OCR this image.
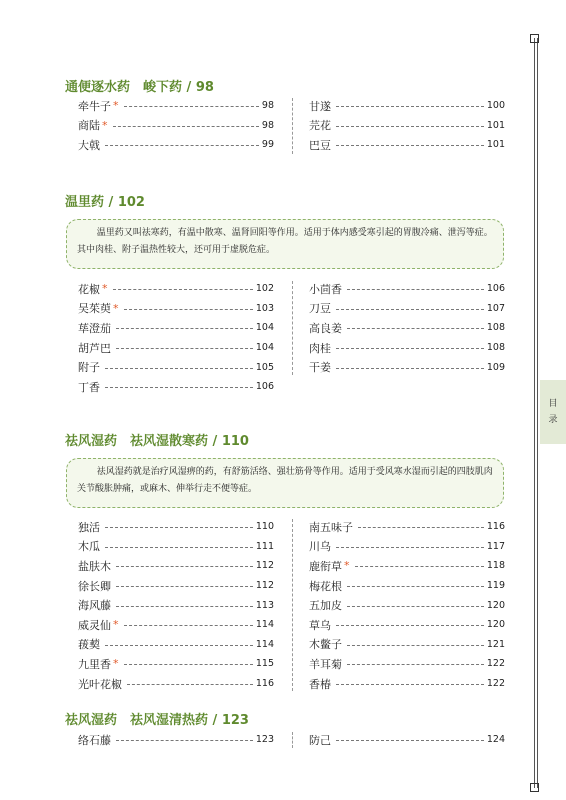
目
录
通便逐水药　峻下药 / 98
牵牛子 *	98
商陆 *	98
大戟	99
甘遂	100
芫花	101
巴豆	101
温里药 / 102
温里药又叫祛寒药，有温中散寒、温肾回阳等作用。适用于体内感受寒引起的胃腹冷痛、泄泻等症。其中肉桂、附子温热性较大，还可用于虚脱危症。
花椒 *	102
吴茱萸 *	103
荜澄茄	104
胡芦巴	104
附子	105
丁香	106
小茴香	106
刀豆	107
高良姜	108
肉桂	108
干姜	109
祛风湿药　祛风湿散寒药 / 110
祛风湿药就是治疗风湿痹的药，有舒筋活络、强壮筋骨等作用。适用于受风寒水湿而引起的四肢肌肉关节酸胀肿痛，或麻木、伸举行走不便等症。
独活	110
木瓜	111
盐肤木	112
徐长卿	112
海风藤	113
威灵仙 *	114
菝葜	114
九里香 *	115
光叶花椒	116
南五味子	116
川乌	117
鹿衔草 *	118
梅花根	119
五加皮	120
草乌	120
木鳖子	121
羊耳菊	122
香椿	122
祛风湿药　祛风湿清热药 / 123
络石藤	123	防己	124
